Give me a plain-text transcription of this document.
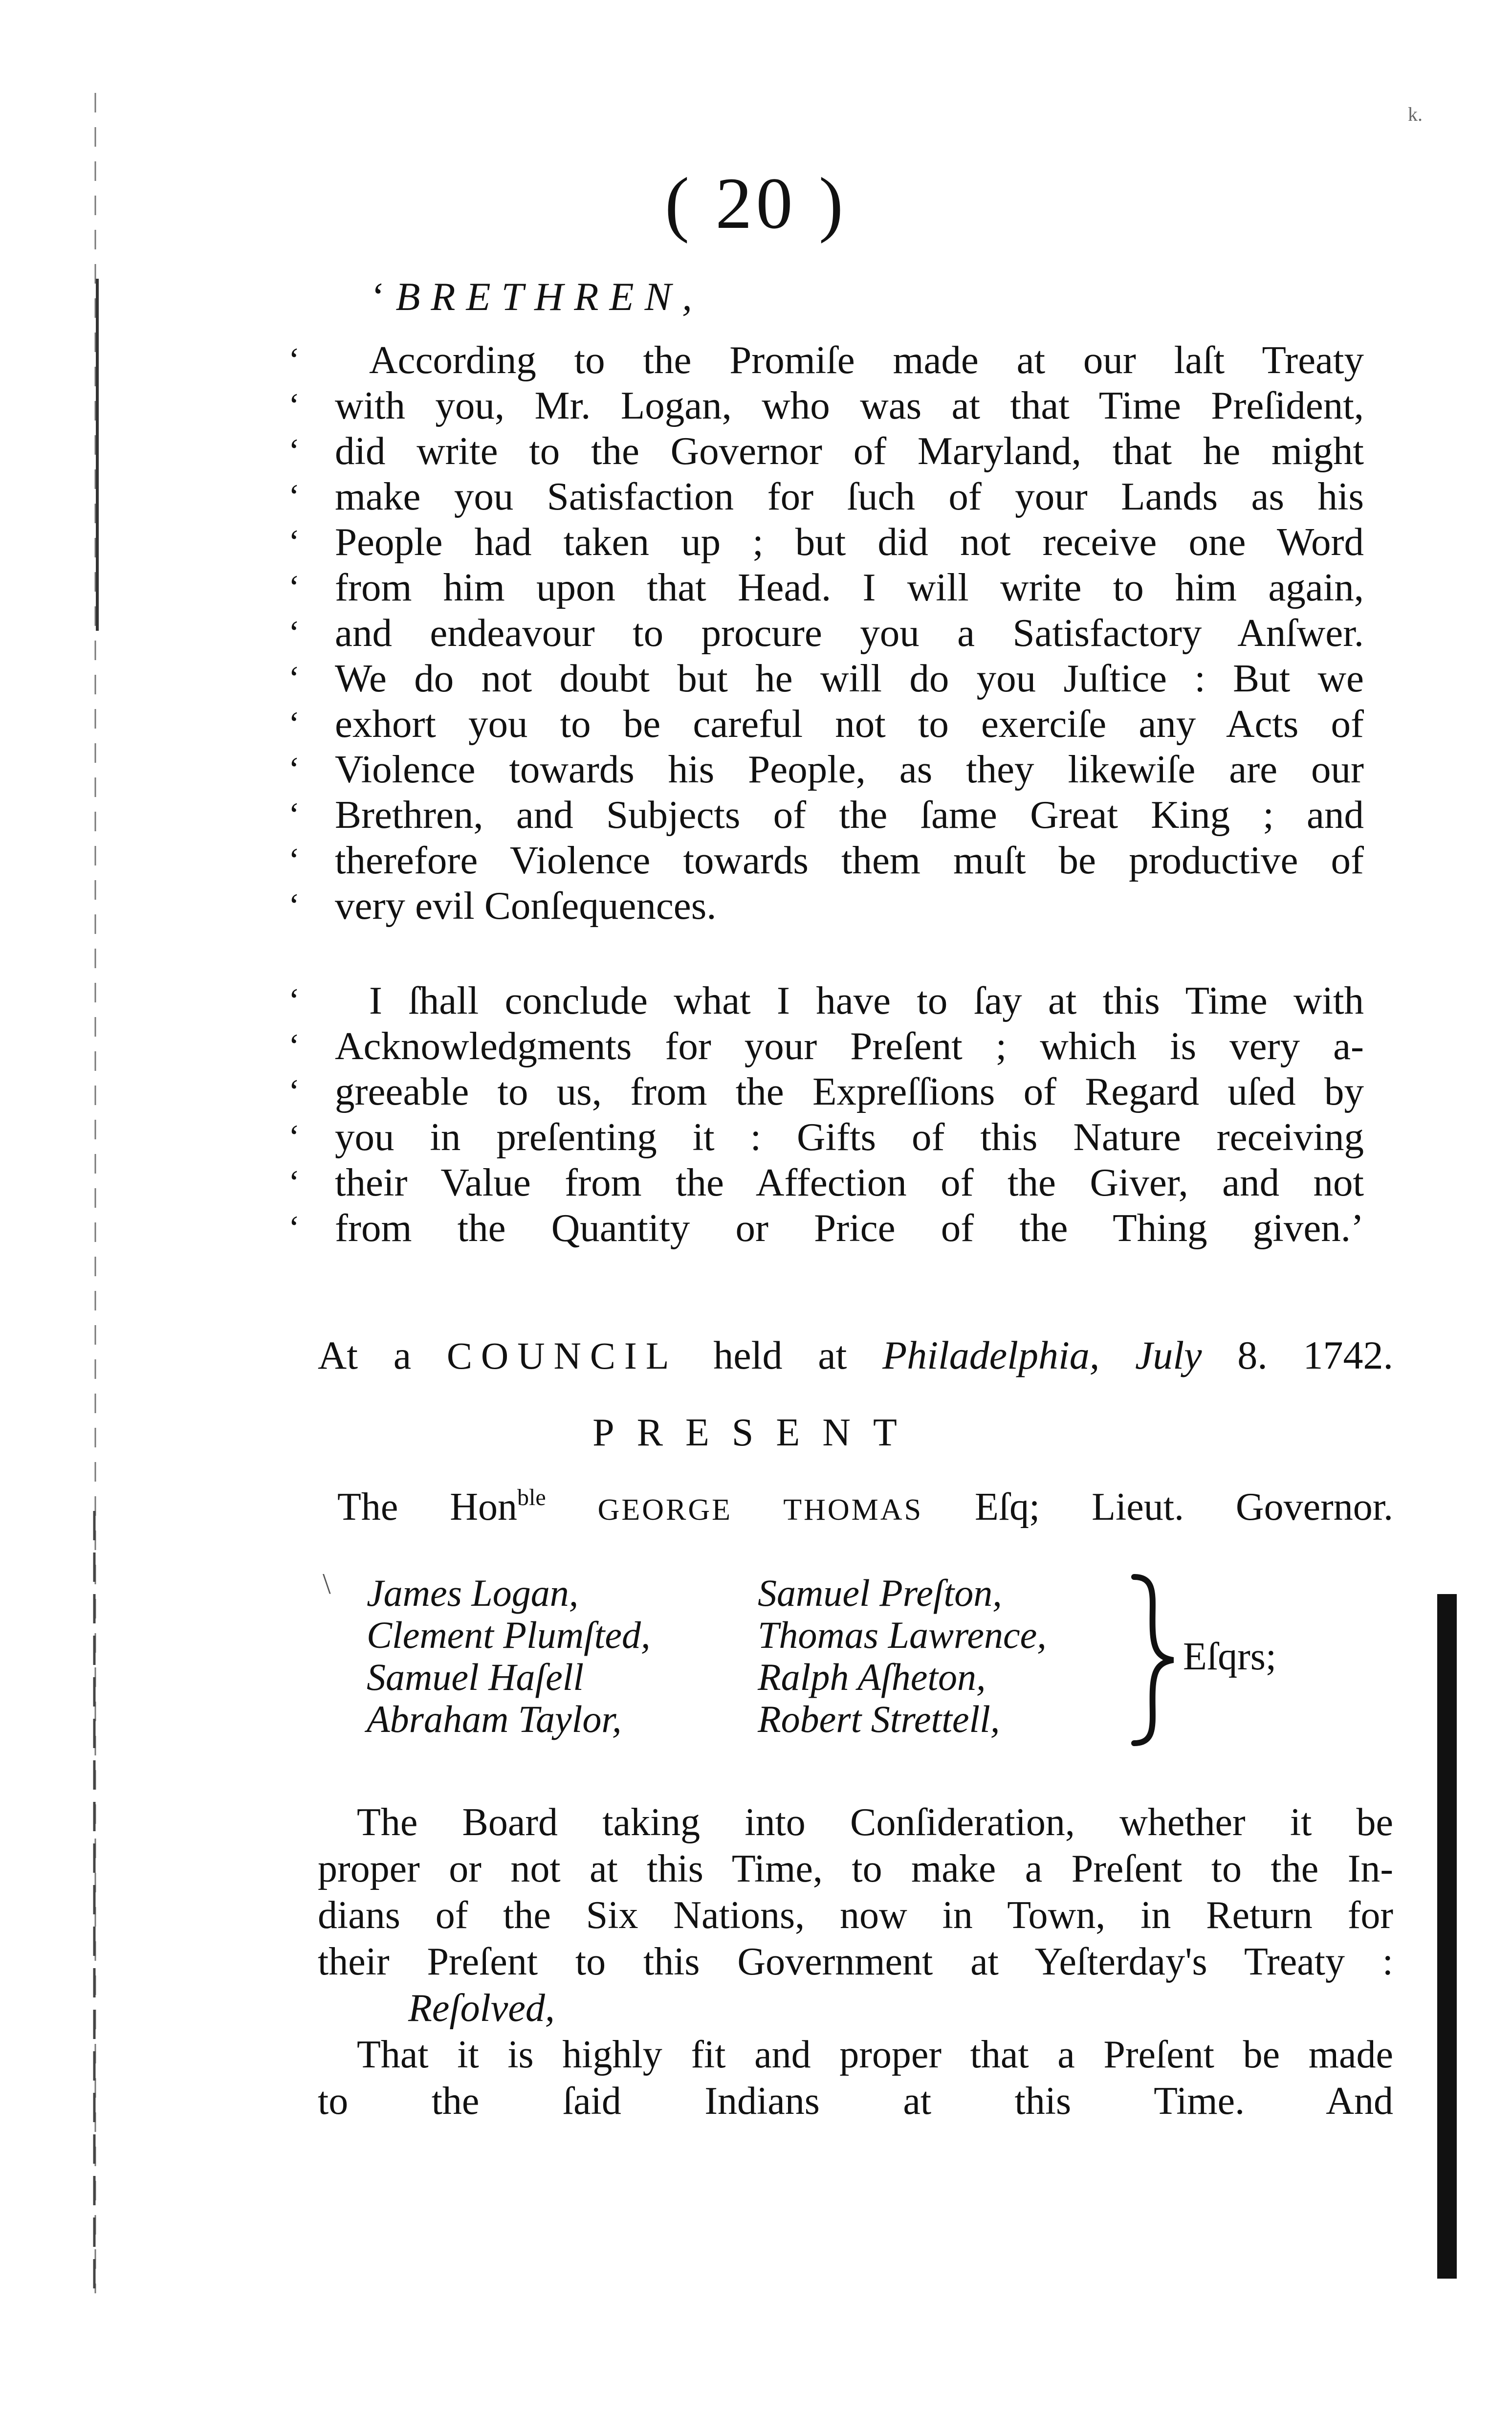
( 20 )
k.
‘ BRETHREN,
‘ According to the Promiſe made at our laſt Treaty
‘ with you, Mr. Logan, who was at that Time Preſident,
‘ did write to the Governor of Maryland, that he might
‘ make you Satisfaction for ſuch of your Lands as his
‘ People had taken up ; but did not receive one Word
‘ from him upon that Head. I will write to him again,
‘ and endeavour to procure you a Satisfactory Anſwer.
‘ We do not doubt but he will do you Juſtice : But we
‘ exhort you to be careful not to exerciſe any Acts of
‘ Violence towards his People, as they likewiſe are our
‘ Brethren, and Subjects of the ſame Great King ; and
‘ therefore Violence towards them muſt be productive of
‘ very evil Conſequences.
‘ I ſhall conclude what I have to ſay at this Time with
‘ Acknowledgments for your Preſent ; which is very a-
‘ greeable to us, from the Expreſſions of Regard uſed by
‘ you in preſenting it : Gifts of this Nature receiving
‘ their Value from the Affection of the Giver, and not
‘ from the Quantity or Price of the Thing given.’
At a COUNCIL held at Philadelphia, July 8. 1742.
PRESENT
The Hon$^{ble}$ GEORGE THOMAS Eſq; Lieut. Governor.
\ James Logan,
Clement Plumſted,
Samuel Haſell
Abraham Taylor,
Samuel Preſton,
Thomas Lawrence,
Ralph Aſheton,
Robert Strettell,
Eſqrs;
The Board taking into Conſideration, whether it be
proper or not at this Time, to make a Preſent to the In-
dians of the Six Nations, now in Town, in Return for
their Preſent to this Government at Yeſterday's Treaty :
Reſolved,
That it is highly fit and proper that a Preſent be made
to the ſaid Indians at this Time. And
